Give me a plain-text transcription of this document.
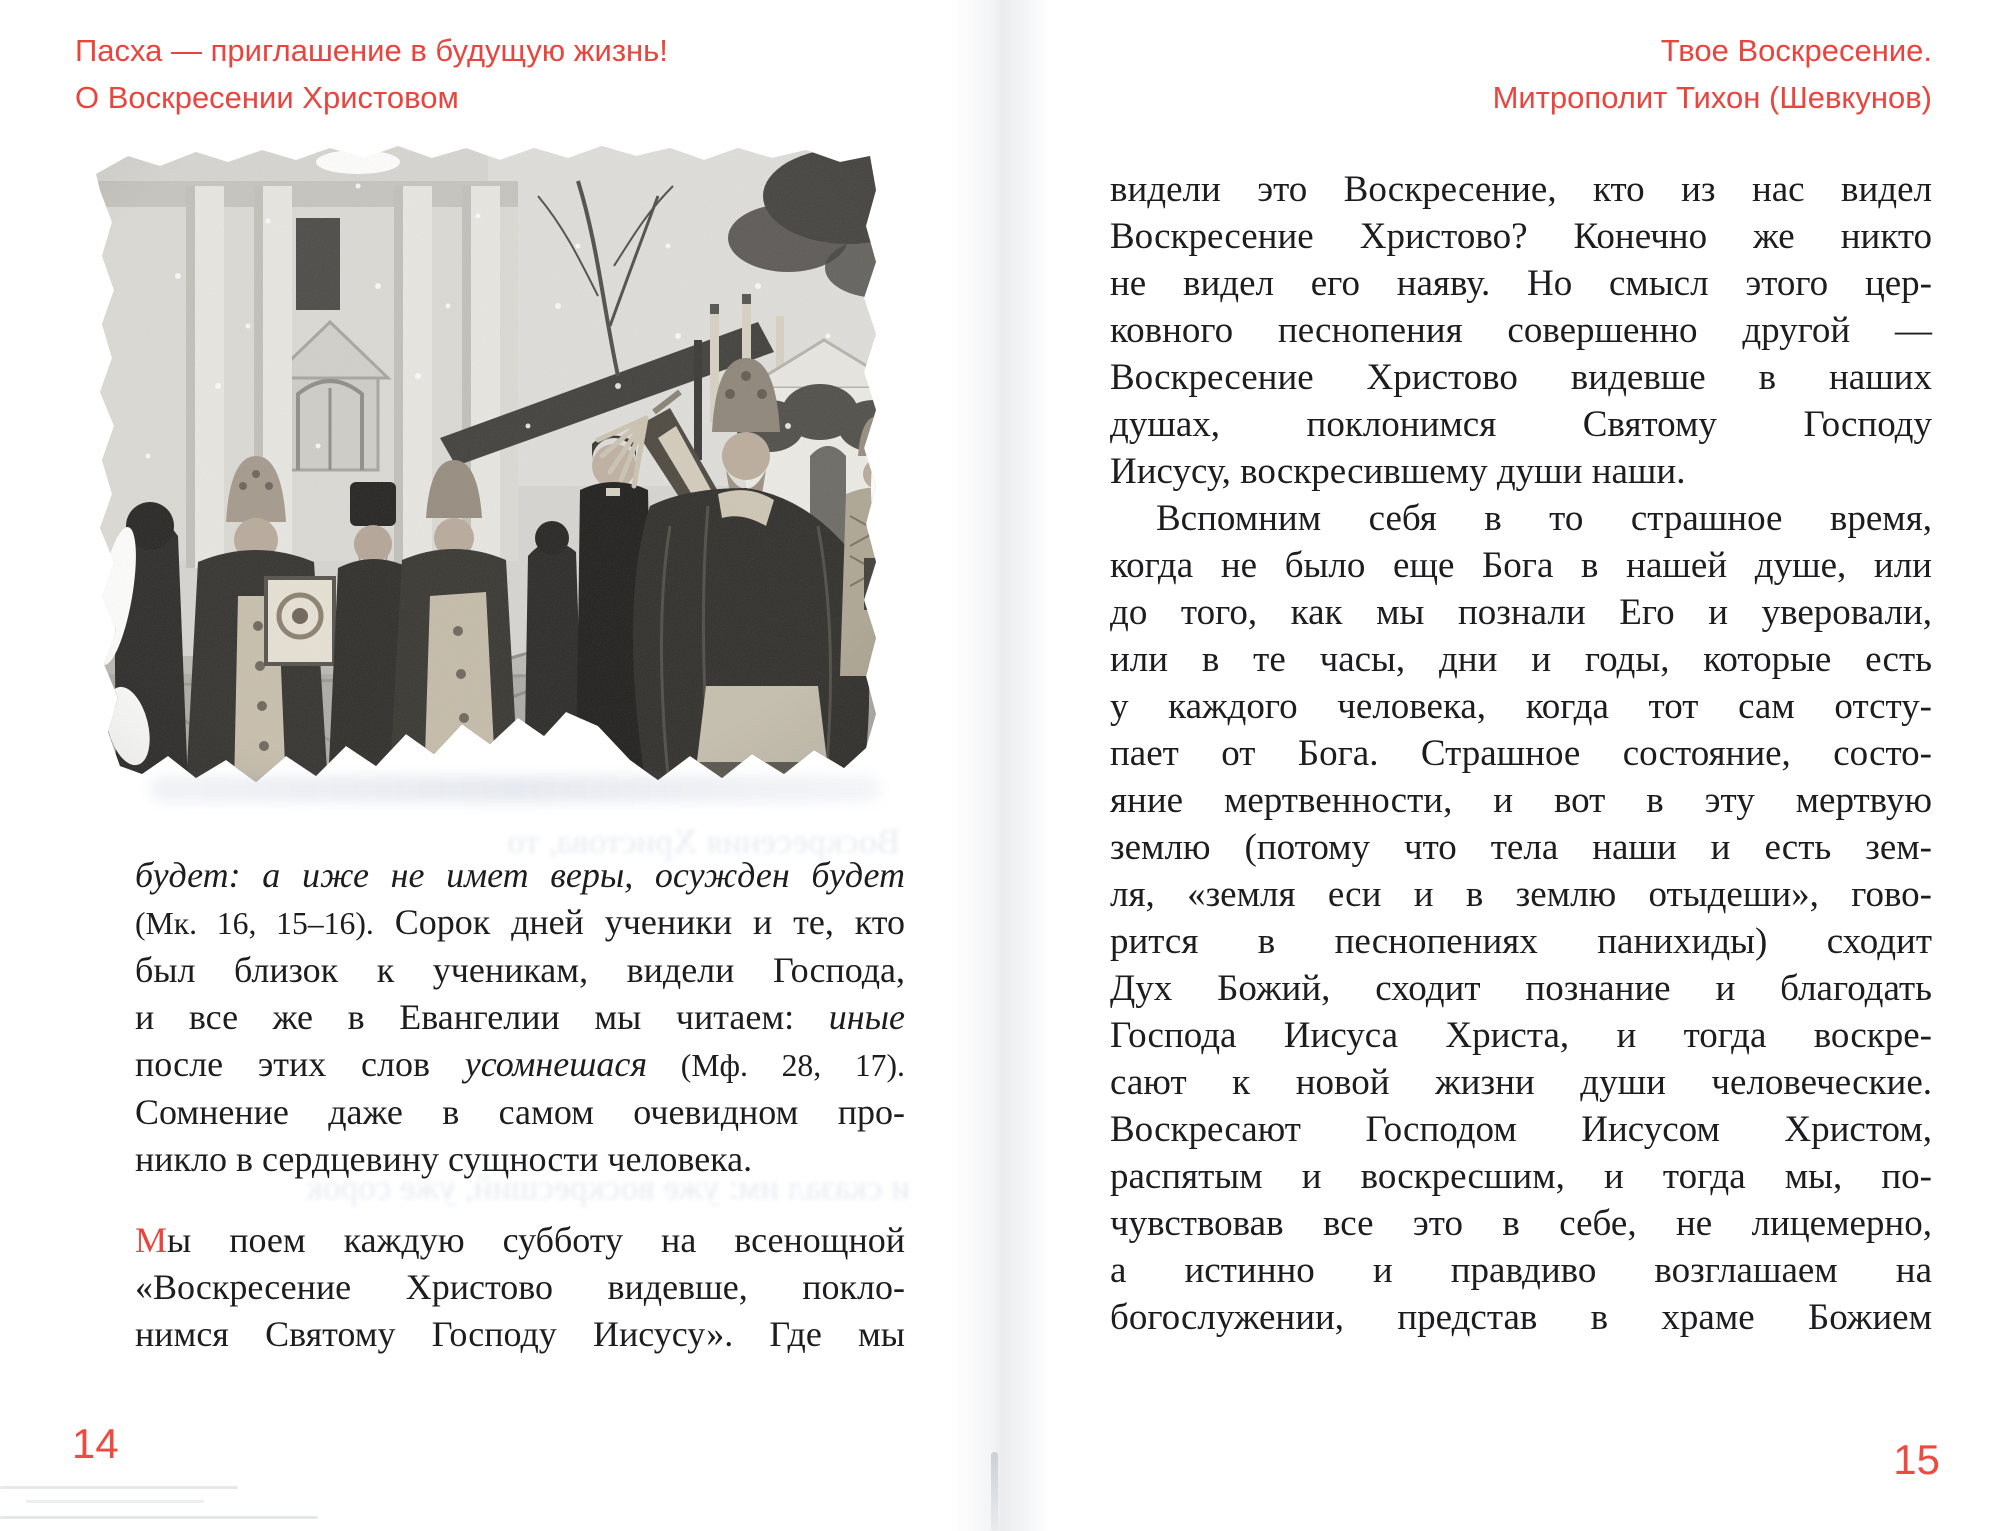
Пасха — приглашение в будущую жизнь!
О Воскресении Христовом
Твое Воскресение.
Митрополит Тихон (Шевкунов)
Воскресения Христова, то
и сказал им: уже воскресший, уже сорок
будет: а иже не имет веры, осужден будет
(Мк. 16, 15–16). Сорок дней ученики и те, кто
был близок к ученикам, видели Господа,
и все же в Евангелии мы читаем: иные
после этих слов усомнешася (Мф. 28, 17).
Сомнение даже в самом очевидном про-
никло в сердцевину сущности человека.
Мы поем каждую субботу на всенощной
«Воскресение Христово видевше, покло-
нимся Святому Господу Иисусу». Где мы
видели это Воскресение, кто из нас видел
Воскресение Христово? Конечно же никто
не видел его наяву. Но смысл этого цер-
ковного песнопения совершенно другой —
Воскресение Христово видевше в наших
душах, поклонимся Святому Господу
Иисусу, воскресившему души наши.
Вспомним себя в то страшное время,
когда не было еще Бога в нашей душе, или
до того, как мы познали Его и уверовали,
или в те часы, дни и годы, которые есть
у каждого человека, когда тот сам отсту-
пает от Бога. Страшное состояние, состо-
яние мертвенности, и вот в эту мертвую
землю (потому что тела наши и есть зем-
ля, «земля еси и в землю отыдеши», гово-
рится в песнопениях панихиды) сходит
Дух Божий, сходит познание и благодать
Господа Иисуса Христа, и тогда воскре-
сают к новой жизни души человеческие.
Воскресают Господом Иисусом Христом,
распятым и воскресшим, и тогда мы, по-
чувствовав все это в себе, не лицемерно,
а истинно и правдиво возглашаем на
богослужении, представ в храме Божием
14	15
